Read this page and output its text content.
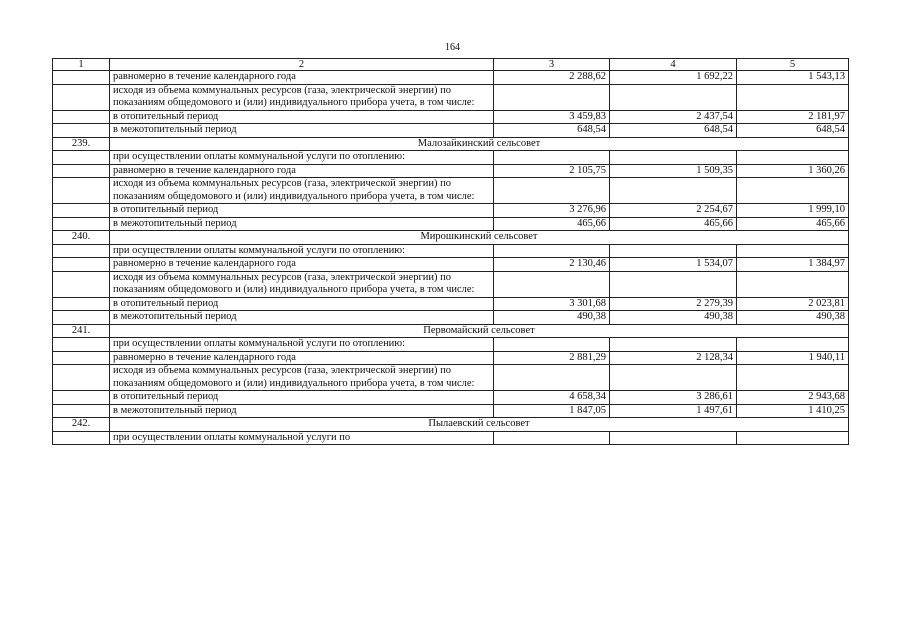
164
1	2	3	4	5
	равномерно в течение календарного года	2 288,62	1 692,22	1 543,13
	исходя из объема коммунальных ресурсов (газа, электрической энергии) по показаниям общедомового и (или) индивидуального прибора учета, в том числе:			
	в отопительный период	3 459,83	2 437,54	2 181,97
	в межотопительный период	648,54	648,54	648,54
239.	Малозайкинский сельсовет			
	при осуществлении оплаты коммунальной услуги по отоплению:			
	равномерно в течение календарного года	2 105,75	1 509,35	1 360,26
	исходя из объема коммунальных ресурсов (газа, электрической энергии) по показаниям общедомового и (или) индивидуального прибора учета, в том числе:			
	в отопительный период	3 276,96	2 254,67	1 999,10
	в межотопительный период	465,66	465,66	465,66
240.	Мирошкинский сельсовет			
	при осуществлении оплаты коммунальной услуги по отоплению:			
	равномерно в течение календарного года	2 130,46	1 534,07	1 384,97
	исходя из объема коммунальных ресурсов (газа, электрической энергии) по показаниям общедомового и (или) индивидуального прибора учета, в том числе:			
	в отопительный период	3 301,68	2 279,39	2 023,81
	в межотопительный период	490,38	490,38	490,38
241.	Первомайский сельсовет			
	при осуществлении оплаты коммунальной услуги по отоплению:			
	равномерно в течение календарного года	2 881,29	2 128,34	1 940,11
	исходя из объема коммунальных ресурсов (газа, электрической энергии) по показаниям общедомового и (или) индивидуального прибора учета, в том числе:			
	в отопительный период	4 658,34	3 286,61	2 943,68
	в межотопительный период	1 847,05	1 497,61	1 410,25
242.	Пылаевский сельсовет			
	при осуществлении оплаты коммунальной услуги по			
